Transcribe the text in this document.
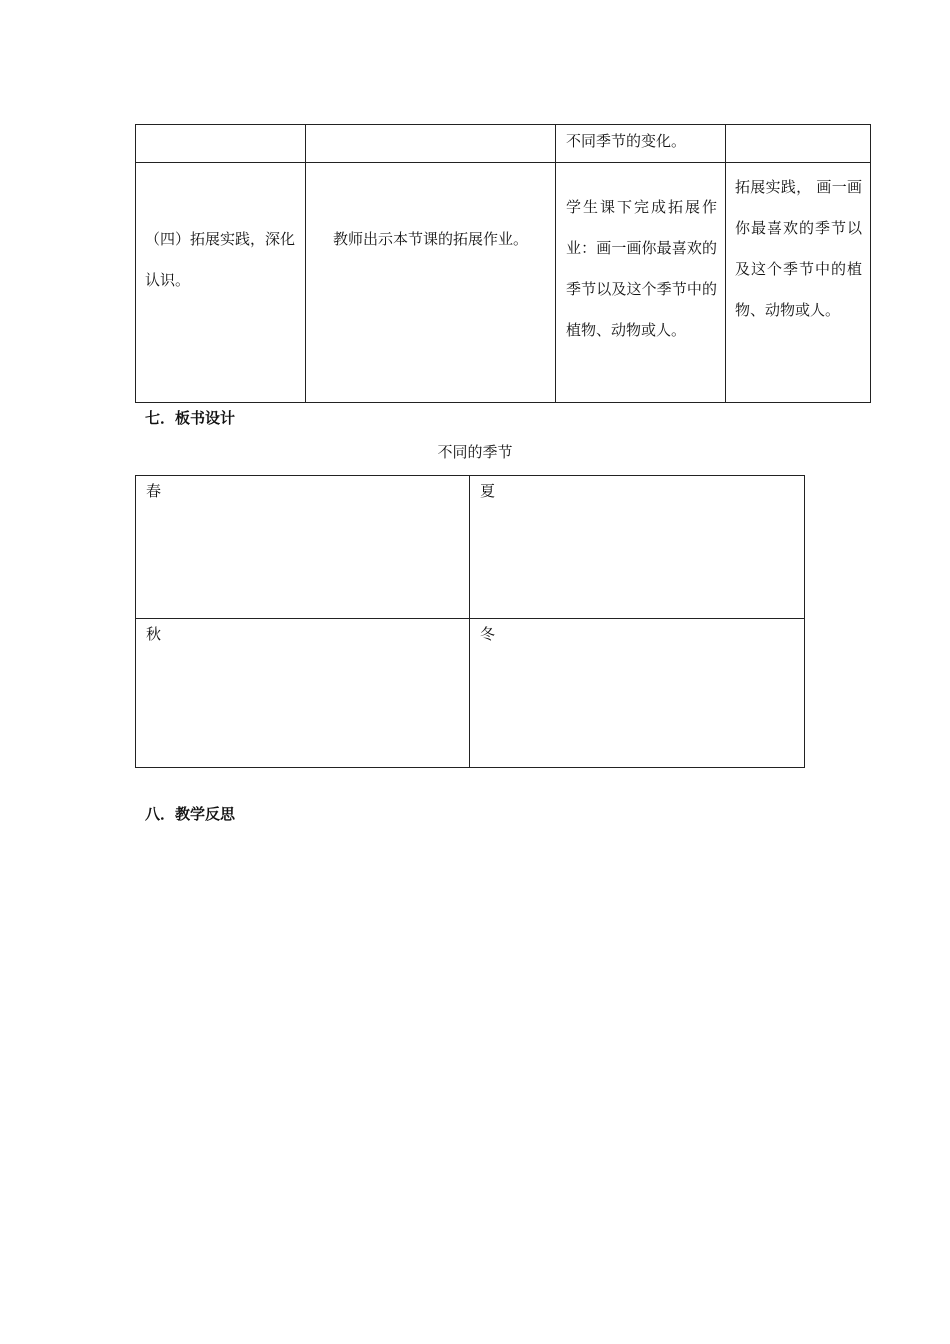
		不同季节的变化。	

（四）拓展实践，深化认识。	教师出示本节课的拓展作业。	学生课下完成拓展作业：画一画你最喜欢的季节以及这个季节中的植物、动物或人。	拓展实践， 画一画你最喜欢的季节以及这个季节中的植物、动物或人。
七．板书设计
不同的季节
春	夏
秋	冬
八．教学反思
